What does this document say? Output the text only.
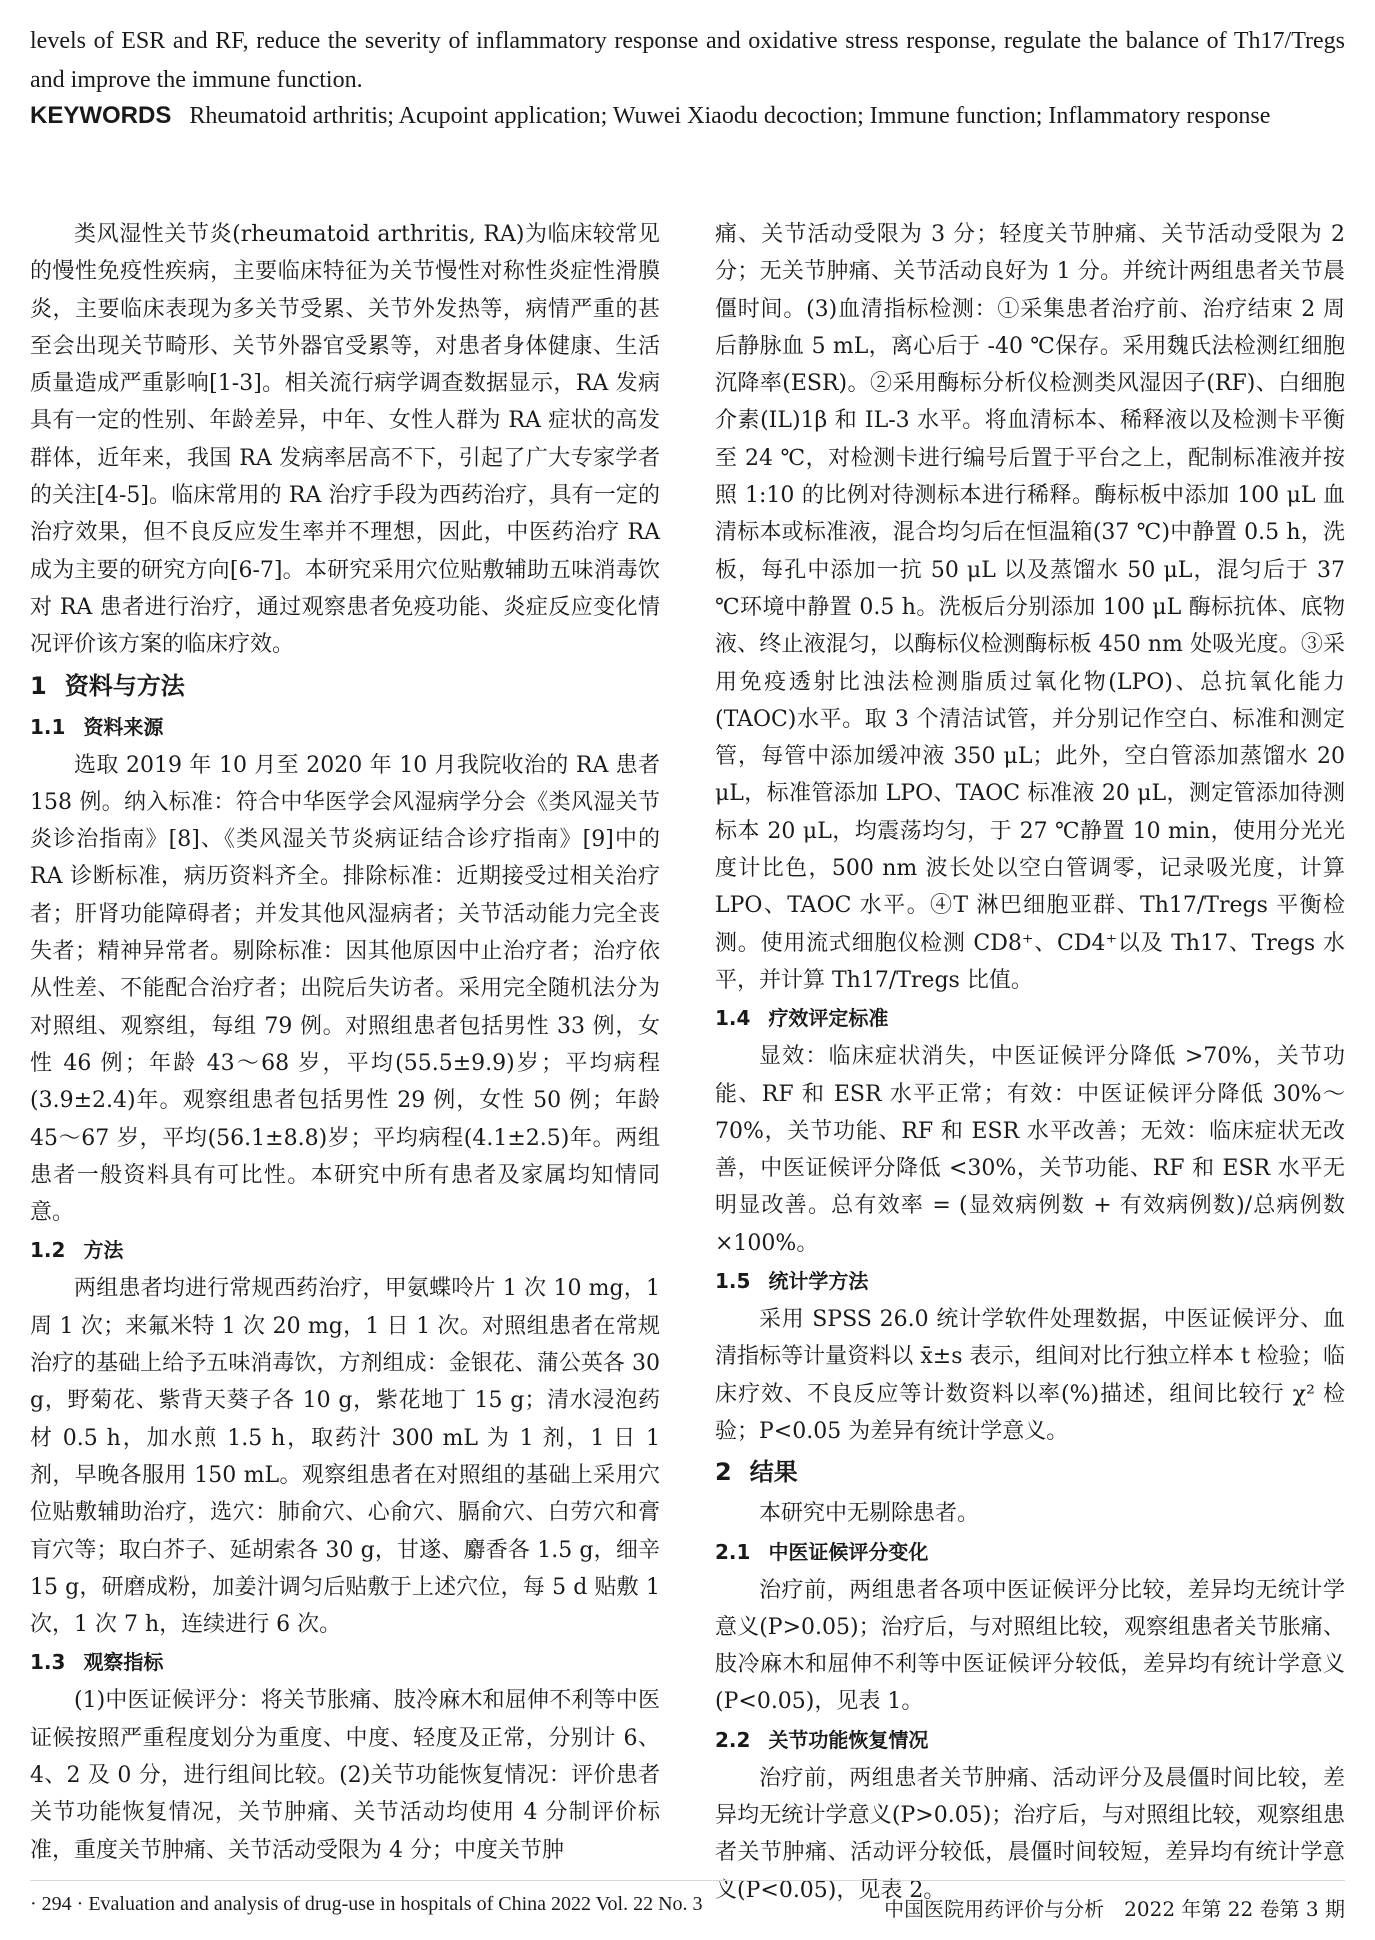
levels of ESR and RF, reduce the severity of inflammatory response and oxidative stress response, regulate the balance of Th17/Tregs and improve the immune function.
KEYWORDS Rheumatoid arthritis; Acupoint application; Wuwei Xiaodu decoction; Immune function; Inflammatory response

类风湿性关节炎(rheumatoid arthritis, RA)为临床较常见的慢性免疫性疾病，主要临床特征为关节慢性对称性炎症性滑膜炎，主要临床表现为多关节受累、关节外发热等，病情严重的甚至会出现关节畸形、关节外器官受累等，对患者身体健康、生活质量造成严重影响[1-3]。相关流行病学调查数据显示，RA 发病具有一定的性别、年龄差异，中年、女性人群为 RA 症状的高发群体，近年来，我国 RA 发病率居高不下，引起了广大专家学者的关注[4-5]。临床常用的 RA 治疗手段为西药治疗，具有一定的治疗效果，但不良反应发生率并不理想，因此，中医药治疗 RA 成为主要的研究方向[6-7]。本研究采用穴位贴敷辅助五味消毒饮对 RA 患者进行治疗，通过观察患者免疫功能、炎症反应变化情况评价该方案的临床疗效。

1 资料与方法
1.1 资料来源

选取 2019 年 10 月至 2020 年 10 月我院收治的 RA 患者 158 例。纳入标准：符合中华医学会风湿病学分会《类风湿关节炎诊治指南》[8]、《类风湿关节炎病证结合诊疗指南》[9]中的 RA 诊断标准，病历资料齐全。排除标准：近期接受过相关治疗者；肝肾功能障碍者；并发其他风湿病者；关节活动能力完全丧失者；精神异常者。剔除标准：因其他原因中止治疗者；治疗依从性差、不能配合治疗者；出院后失访者。采用完全随机法分为对照组、观察组，每组 79 例。对照组患者包括男性 33 例，女性 46 例；年龄 43～68 岁，平均(55.5±9.9)岁；平均病程(3.9±2.4)年。观察组患者包括男性 29 例，女性 50 例；年龄 45～67 岁，平均(56.1±8.8)岁；平均病程(4.1±2.5)年。两组患者一般资料具有可比性。本研究中所有患者及家属均知情同意。

1.2 方法

两组患者均进行常规西药治疗，甲氨蝶呤片 1 次 10 mg，1 周 1 次；来氟米特 1 次 20 mg，1 日 1 次。对照组患者在常规治疗的基础上给予五味消毒饮，方剂组成：金银花、蒲公英各 30 g，野菊花、紫背天葵子各 10 g，紫花地丁 15 g；清水浸泡药材 0.5 h，加水煎 1.5 h，取药汁 300 mL 为 1 剂，1 日 1 剂，早晚各服用 150 mL。观察组患者在对照组的基础上采用穴位贴敷辅助治疗，选穴：肺俞穴、心俞穴、膈俞穴、白劳穴和膏肓穴等；取白芥子、延胡索各 30 g，甘遂、麝香各 1.5 g，细辛 15 g，研磨成粉，加姜汁调匀后贴敷于上述穴位，每 5 d 贴敷 1 次，1 次 7 h，连续进行 6 次。

1.3 观察指标

(1)中医证候评分：将关节胀痛、肢冷麻木和屈伸不利等中医证候按照严重程度划分为重度、中度、轻度及正常，分别计 6、4、2 及 0 分，进行组间比较。(2)关节功能恢复情况：评价患者关节功能恢复情况，关节肿痛、关节活动均使用 4 分制评价标准，重度关节肿痛、关节活动受限为 4 分；中度关节肿

痛、关节活动受限为 3 分；轻度关节肿痛、关节活动受限为 2 分；无关节肿痛、关节活动良好为 1 分。并统计两组患者关节晨僵时间。(3)血清指标检测：①采集患者治疗前、治疗结束 2 周后静脉血 5 mL，离心后于 -40 ℃保存。采用魏氏法检测红细胞沉降率(ESR)。②采用酶标分析仪检测类风湿因子(RF)、白细胞介素(IL)1β 和 IL-3 水平。将血清标本、稀释液以及检测卡平衡至 24 ℃，对检测卡进行编号后置于平台之上，配制标准液并按照 1:10 的比例对待测标本进行稀释。酶标板中添加 100 μL 血清标本或标准液，混合均匀后在恒温箱(37 ℃)中静置 0.5 h，洗板，每孔中添加一抗 50 μL 以及蒸馏水 50 μL，混匀后于 37 ℃环境中静置 0.5 h。洗板后分别添加 100 μL 酶标抗体、底物液、终止液混匀，以酶标仪检测酶标板 450 nm 处吸光度。③采用免疫透射比浊法检测脂质过氧化物(LPO)、总抗氧化能力(TAOC)水平。取 3 个清洁试管，并分别记作空白、标准和测定管，每管中添加缓冲液 350 μL；此外，空白管添加蒸馏水 20 μL，标准管添加 LPO、TAOC 标准液 20 μL，测定管添加待测标本 20 μL，均震荡均匀，于 27 ℃静置 10 min，使用分光光度计比色，500 nm 波长处以空白管调零，记录吸光度，计算 LPO、TAOC 水平。④T 淋巴细胞亚群、Th17/Tregs 平衡检测。使用流式细胞仪检测 CD8⁺、CD4⁺以及 Th17、Tregs 水平，并计算 Th17/Tregs 比值。

1.4 疗效评定标准

显效：临床症状消失，中医证候评分降低 >70%，关节功能、RF 和 ESR 水平正常；有效：中医证候评分降低 30%～70%，关节功能、RF 和 ESR 水平改善；无效：临床症状无改善，中医证候评分降低 <30%，关节功能、RF 和 ESR 水平无明显改善。总有效率 = (显效病例数 + 有效病例数)/总病例数 ×100%。

1.5 统计学方法

采用 SPSS 26.0 统计学软件处理数据，中医证候评分、血清指标等计量资料以 x̄±s 表示，组间对比行独立样本 t 检验；临床疗效、不良反应等计数资料以率(%)描述，组间比较行 χ² 检验；P<0.05 为差异有统计学意义。

2 结果

本研究中无剔除患者。

2.1 中医证候评分变化

治疗前，两组患者各项中医证候评分比较，差异均无统计学意义(P>0.05)；治疗后，与对照组比较，观察组患者关节胀痛、肢冷麻木和屈伸不利等中医证候评分较低，差异均有统计学意义(P<0.05)，见表 1。

2.2 关节功能恢复情况

治疗前，两组患者关节肿痛、活动评分及晨僵时间比较，差异均无统计学意义(P>0.05)；治疗后，与对照组比较，观察组患者关节肿痛、活动评分较低，晨僵时间较短，差异均有统计学意义(P<0.05)，见表 2。

· 294 · Evaluation and analysis of drug-use in hospitals of China 2022 Vol. 22 No. 3	中国医院用药评价与分析　2022 年第 22 卷第 3 期
